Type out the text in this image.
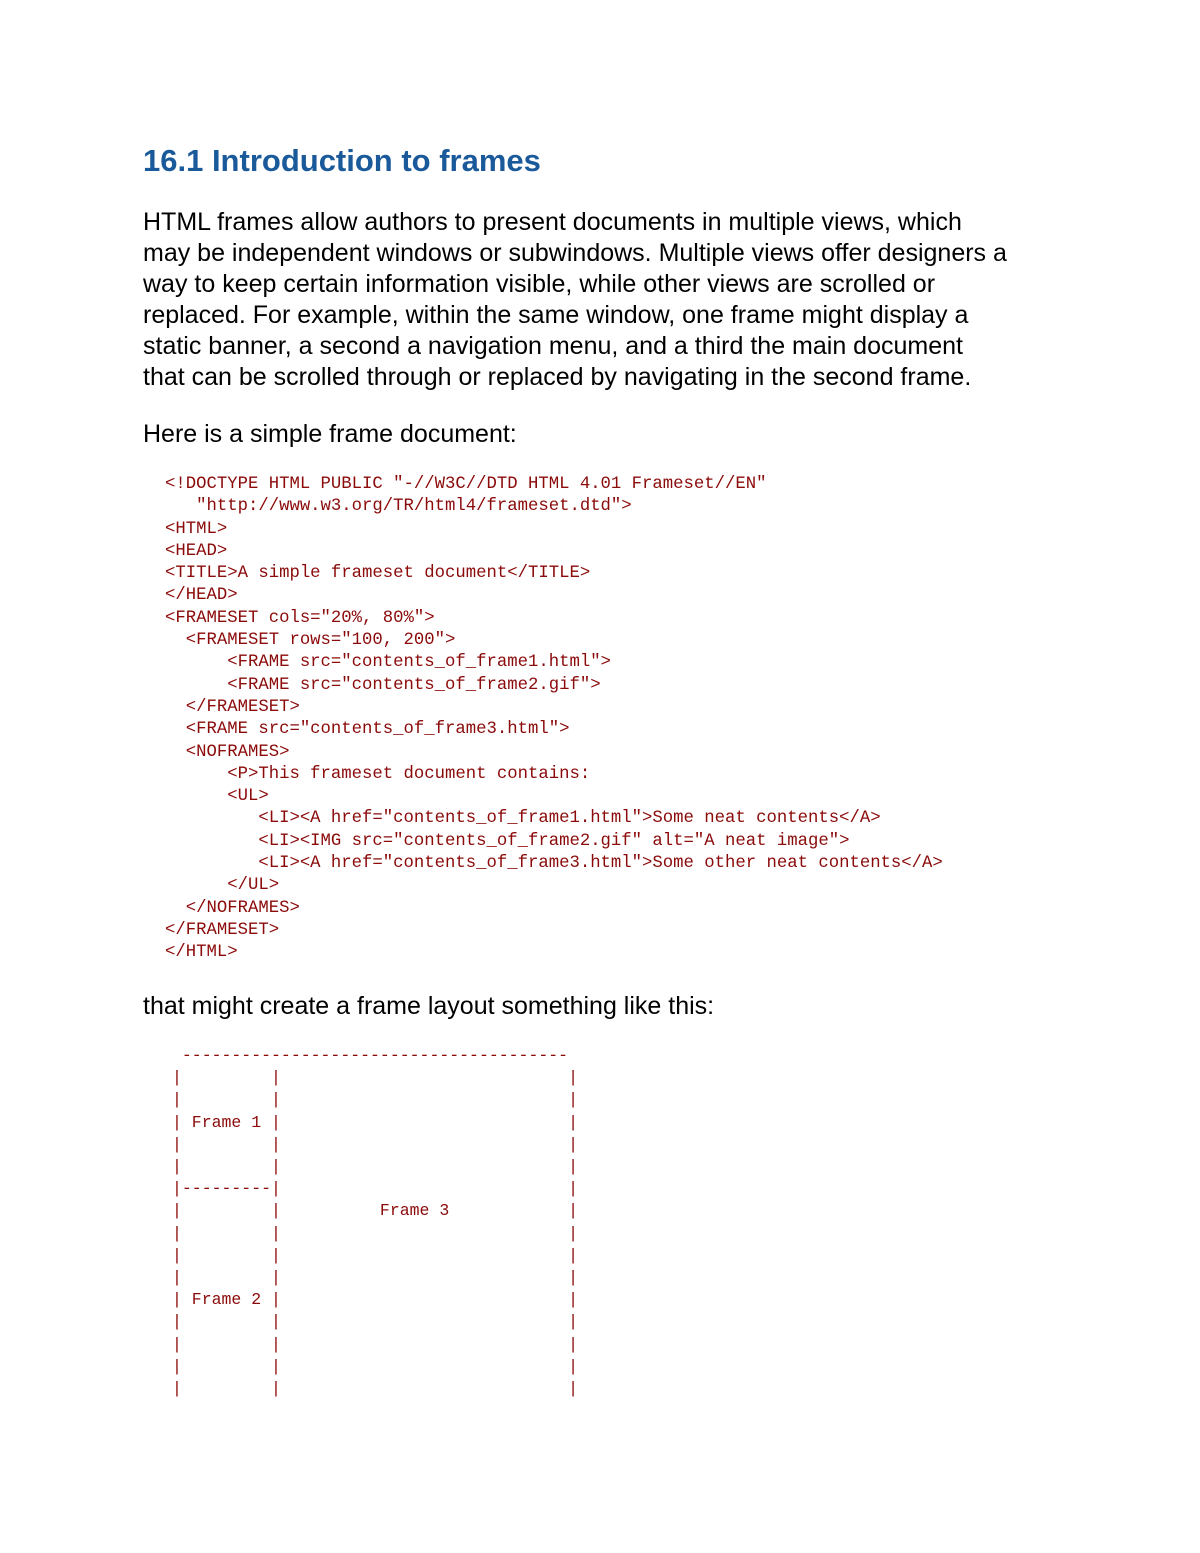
16.1 Introduction to frames

HTML frames allow authors to present documents in multiple views, which
may be independent windows or subwindows. Multiple views offer designers a
way to keep certain information visible, while other views are scrolled or
replaced. For example, within the same window, one frame might display a
static banner, a second a navigation menu, and a third the main document
that can be scrolled through or replaced by navigating in the second frame.

Here is a simple frame document:

<!DOCTYPE HTML PUBLIC "-//W3C//DTD HTML 4.01 Frameset//EN"
"http://www.w3.org/TR/html4/frameset.dtd">
<HTML>
<HEAD>
<TITLE>A simple frameset document</TITLE>
</HEAD>
<FRAMESET cols="20%, 80%">
<FRAMESET rows="100, 200">
<FRAME src="contents_of_frame1.html">
<FRAME src="contents_of_frame2.gif">
</FRAMESET>
<FRAME src="contents_of_frame3.html">
<NOFRAMES>
<P>This frameset document contains:
<UL>
<LI><A href="contents_of_frame1.html">Some neat contents</A>
<LI><IMG src="contents_of_frame2.gif" alt="A neat image">
<LI><A href="contents_of_frame3.html">Some other neat contents</A>
</UL>
</NOFRAMES>
</FRAMESET>
</HTML>

that might create a frame layout something like this:

---------------------------------------
|         |                             |
|         |                             |
| Frame 1 |                             |
|         |                             |
|         |                             |
|---------|                             |
|         |          Frame 3            |
|         |                             |
|         |                             |
|         |                             |
| Frame 2 |                             |
|         |                             |
|         |                             |
|         |                             |
|         |                             |
